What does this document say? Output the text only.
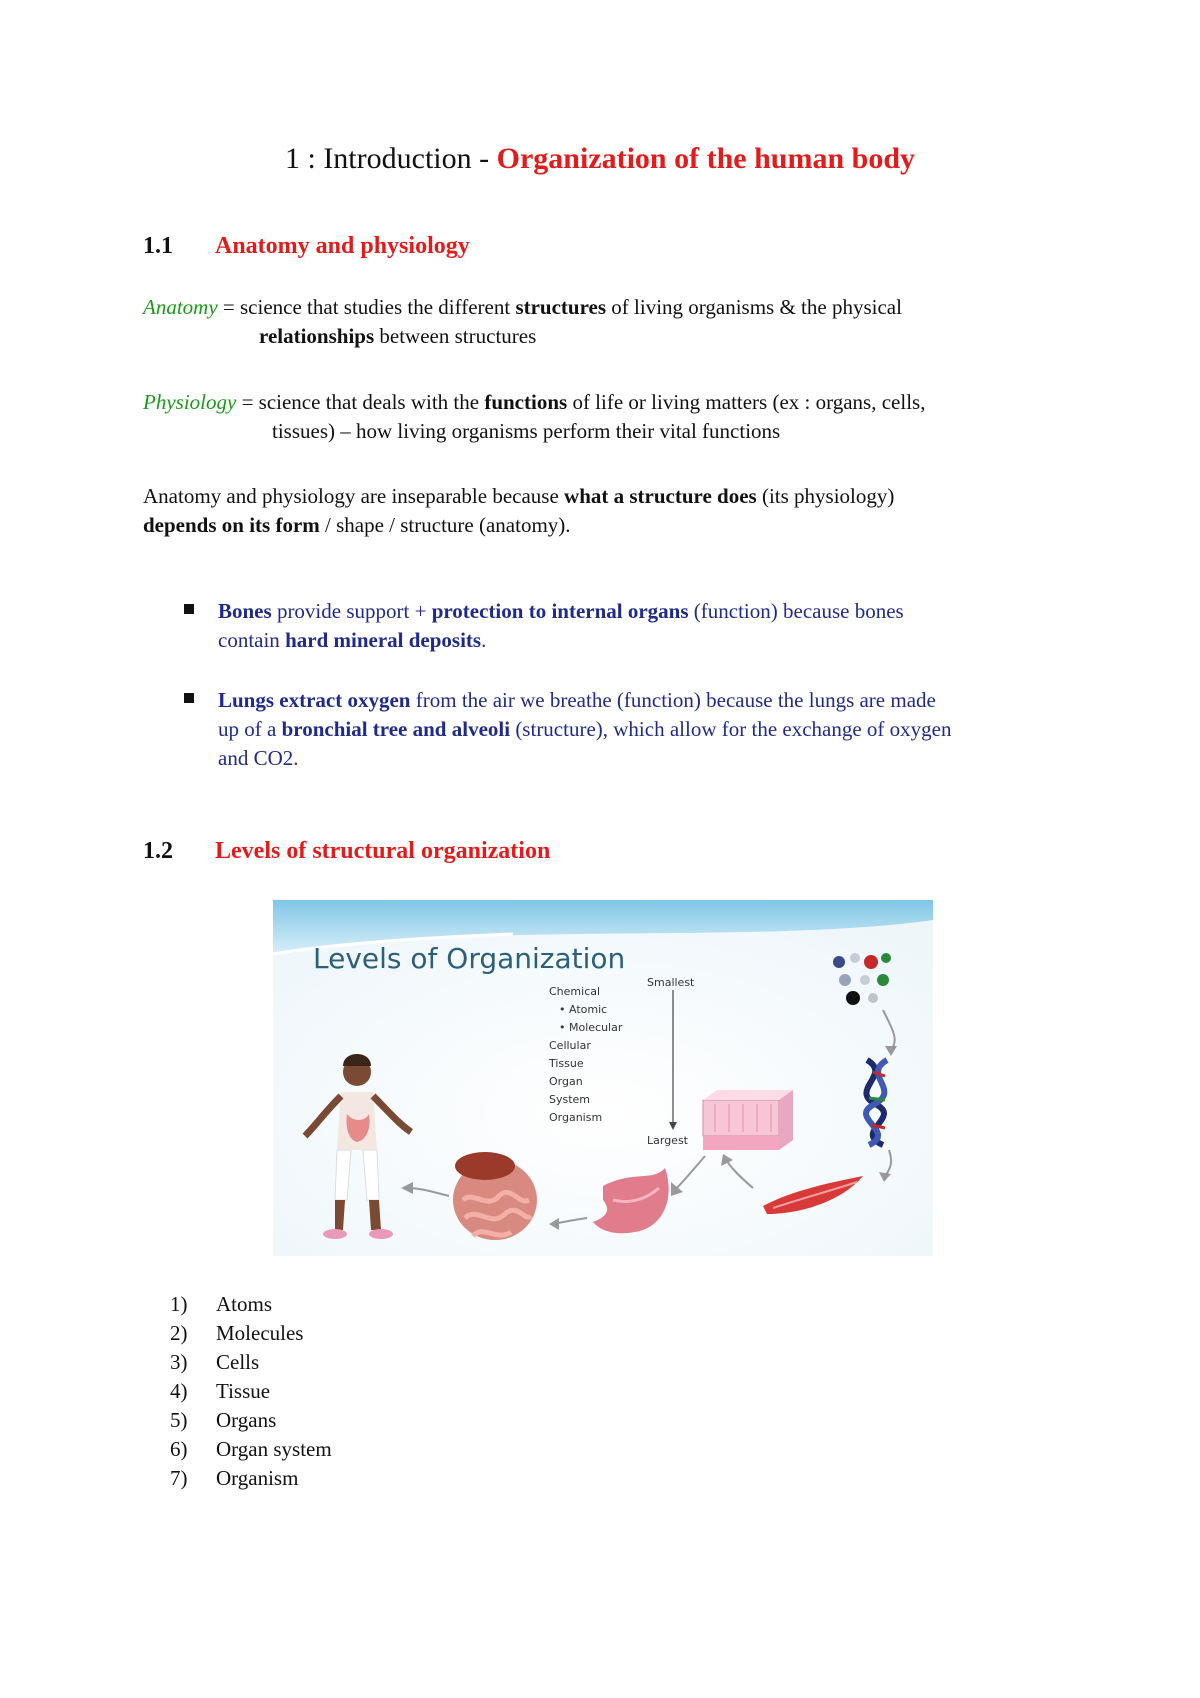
1 : Introduction - Organization of the human body
1.1 Anatomy and physiology
Anatomy = science that studies the different structures of living organisms & the physical
relationships between structures
Physiology = science that deals with the functions of life or living matters (ex : organs, cells,
tissues) – how living organisms perform their vital functions
Anatomy and physiology are inseparable because what a structure does (its physiology)
depends on its form / shape / structure (anatomy).
Bones provide support + protection to internal organs (function) because bones
contain hard mineral deposits.
Lungs extract oxygen from the air we breathe (function) because the lungs are made
up of a bronchial tree and alveoli (structure), which allow for the exchange of oxygen
and CO2.
1.2 Levels of structural organization
Levels of Organization
Smallest
Largest
Chemical
• Atomic
• Molecular
Cellular
Tissue
Organ
System
Organism
1) Atoms
2) Molecules
3) Cells
4) Tissue
5) Organs
6) Organ system
7) Organism
